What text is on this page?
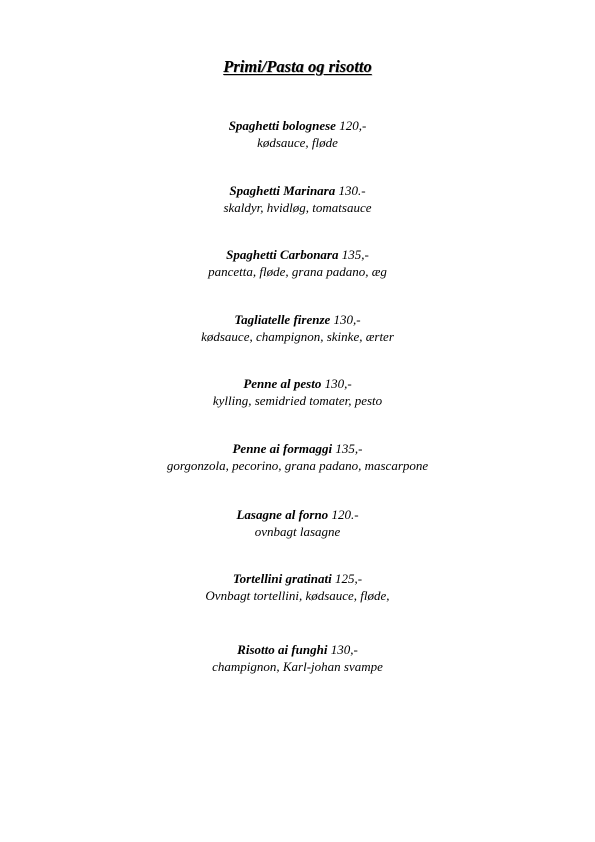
Primi/Pasta og risotto
Spaghetti bolognese 120,-
kødsauce, fløde
Spaghetti Marinara 130.-
skaldyr, hvidløg, tomatsauce
Spaghetti Carbonara 135,-
pancetta, fløde, grana padano, æg
Tagliatelle firenze 130,-
kødsauce, champignon, skinke, ærter
Penne al pesto 130,-
kylling, semidried tomater, pesto
Penne ai formaggi 135,-
gorgonzola, pecorino, grana padano, mascarpone
Lasagne al forno 120.-
ovnbagt lasagne
Tortellini gratinati 125,-
Ovnbagt tortellini, kødsauce, fløde,
Risotto ai funghi 130,-
champignon, Karl-johan svampe
